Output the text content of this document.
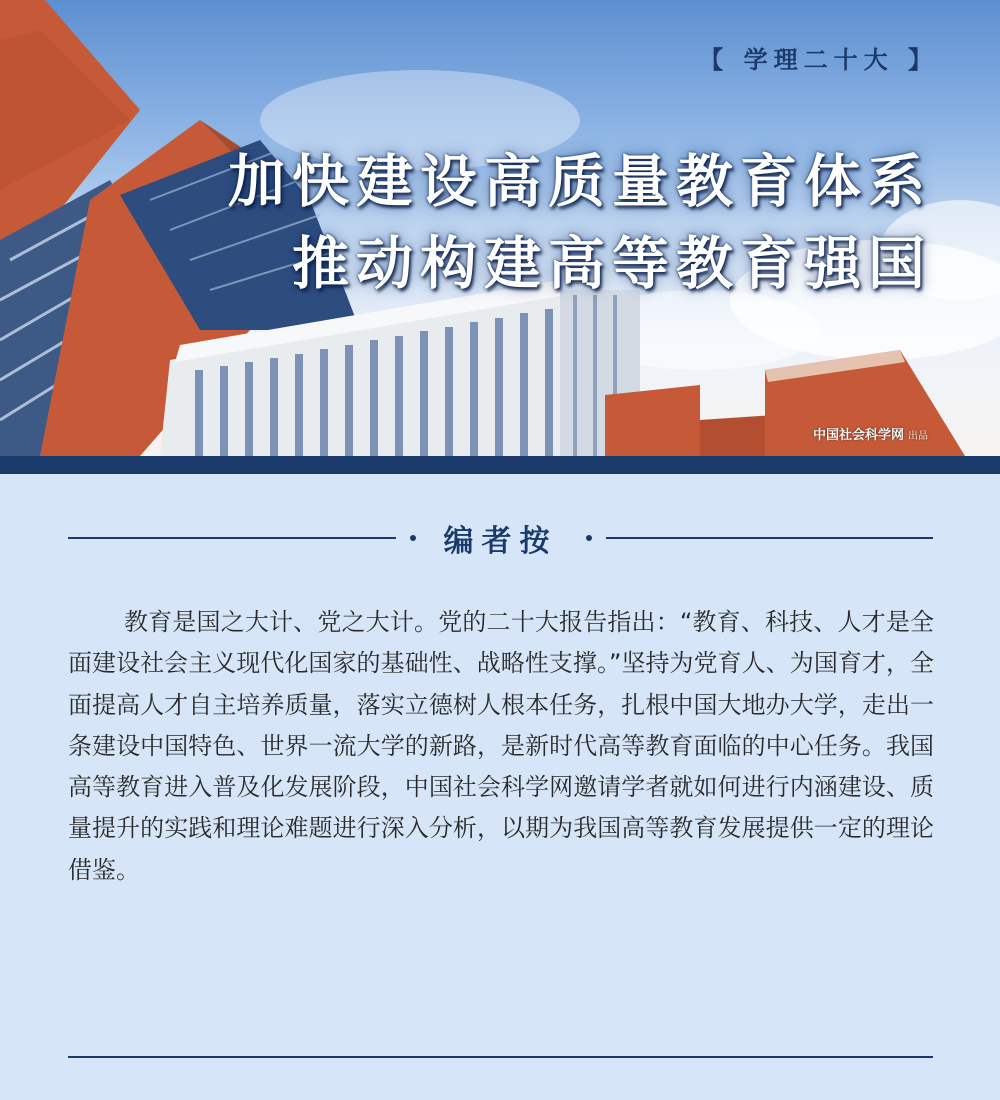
【 学理二十大 】
加快建设高质量教育体系
推动构建高等教育强国
中国社会科学网 出品
编者按

教育是国之大计、党之大计。党的二十大报告指出：“教育、科技、人才是全面建设社会主义现代化国家的基础性、战略性支撑。”坚持为党育人、为国育才，全面提高人才自主培养质量，落实立德树人根本任务，扎根中国大地办大学，走出一条建设中国特色、世界一流大学的新路，是新时代高等教育面临的中心任务。我国高等教育进入普及化发展阶段，中国社会科学网邀请学者就如何进行内涵建设、质量提升的实践和理论难题进行深入分析，以期为我国高等教育发展提供一定的理论借鉴。
